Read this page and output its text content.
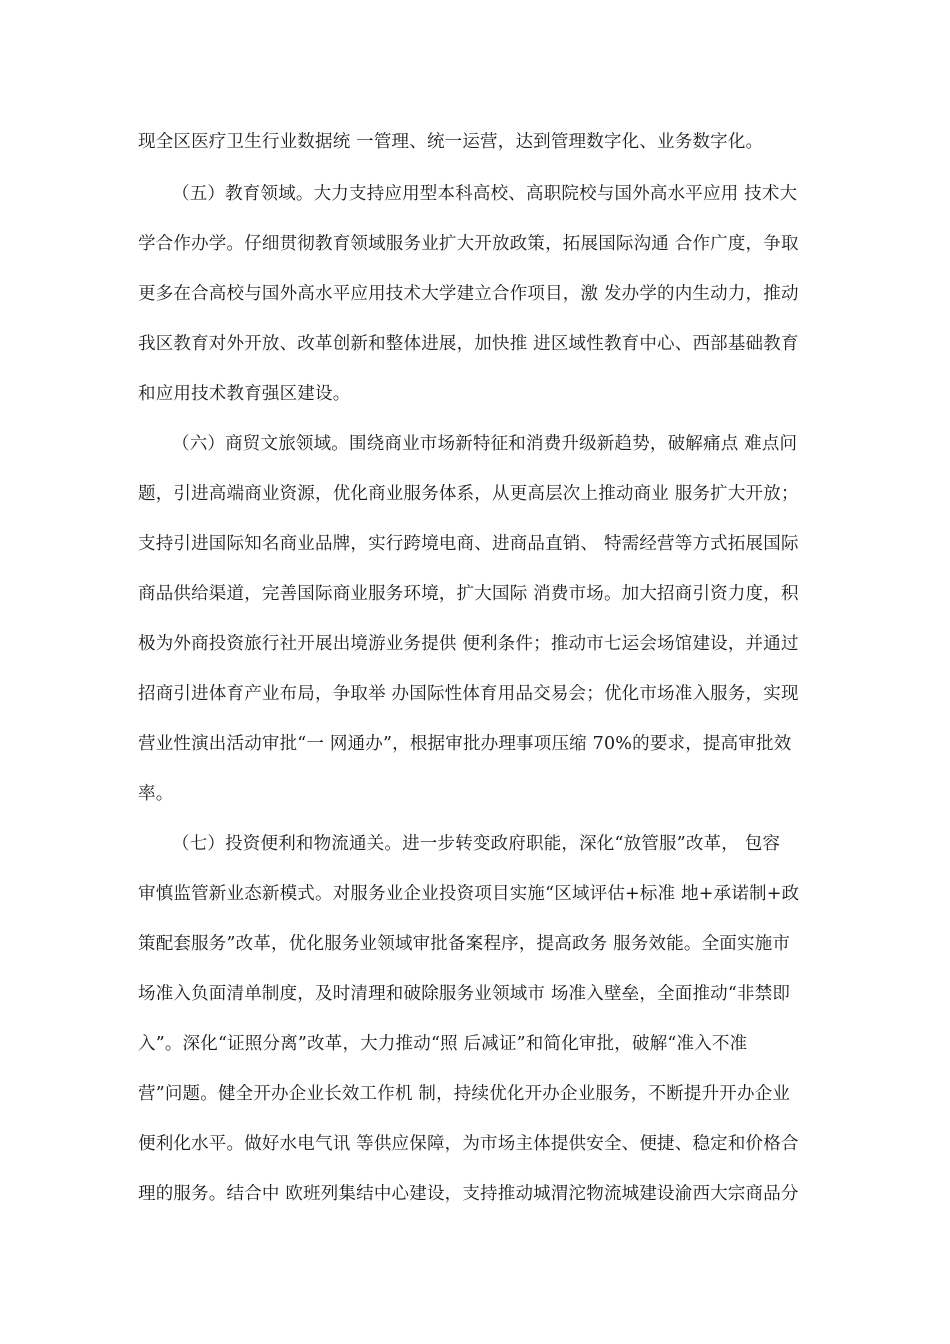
现全区医疗卫生行业数据统 一管理、统一运营，达到管理数字化、业务数字化。
（五）教育领域。大力支持应用型本科高校、高职院校与国外高水平应用 技术大
学合作办学。仔细贯彻教育领域服务业扩大开放政策，拓展国际沟通 合作广度，争取
更多在合高校与国外高水平应用技术大学建立合作项目，激 发办学的内生动力，推动
我区教育对外开放、改革创新和整体进展，加快推 进区域性教育中心、西部基础教育
和应用技术教育强区建设。
（六）商贸文旅领域。围绕商业市场新特征和消费升级新趋势，破解痛点 难点问
题，引进高端商业资源，优化商业服务体系，从更高层次上推动商业 服务扩大开放；
支持引进国际知名商业品牌，实行跨境电商、进商品直销、 特需经营等方式拓展国际
商品供给渠道，完善国际商业服务环境，扩大国际 消费市场。加大招商引资力度，积
极为外商投资旅行社开展出境游业务提供 便利条件；推动市七运会场馆建设，并通过
招商引进体育产业布局，争取举 办国际性体育用品交易会；优化市场准入服务，实现
营业性演出活动审批“一 网通办”，根据审批办理事项压缩 70%的要求，提高审批效
率。
（七）投资便利和物流通关。进一步转变政府职能，深化“放管服”改革， 包容
审慎监管新业态新模式。对服务业企业投资项目实施“区域评估+标准 地+承诺制+政
策配套服务”改革，优化服务业领域审批备案程序，提高政务 服务效能。全面实施市
场准入负面清单制度，及时清理和破除服务业领域市 场准入壁垒，全面推动“非禁即
入”。深化“证照分离”改革，大力推动“照 后减证”和简化审批，破解“准入不准
营”问题。健全开办企业长效工作机 制，持续优化开办企业服务，不断提升开办企业
便利化水平。做好水电气讯 等供应保障，为市场主体提供安全、便捷、稳定和价格合
理的服务。结合中 欧班列集结中心建设，支持推动城渭沱物流城建设渝西大宗商品分
